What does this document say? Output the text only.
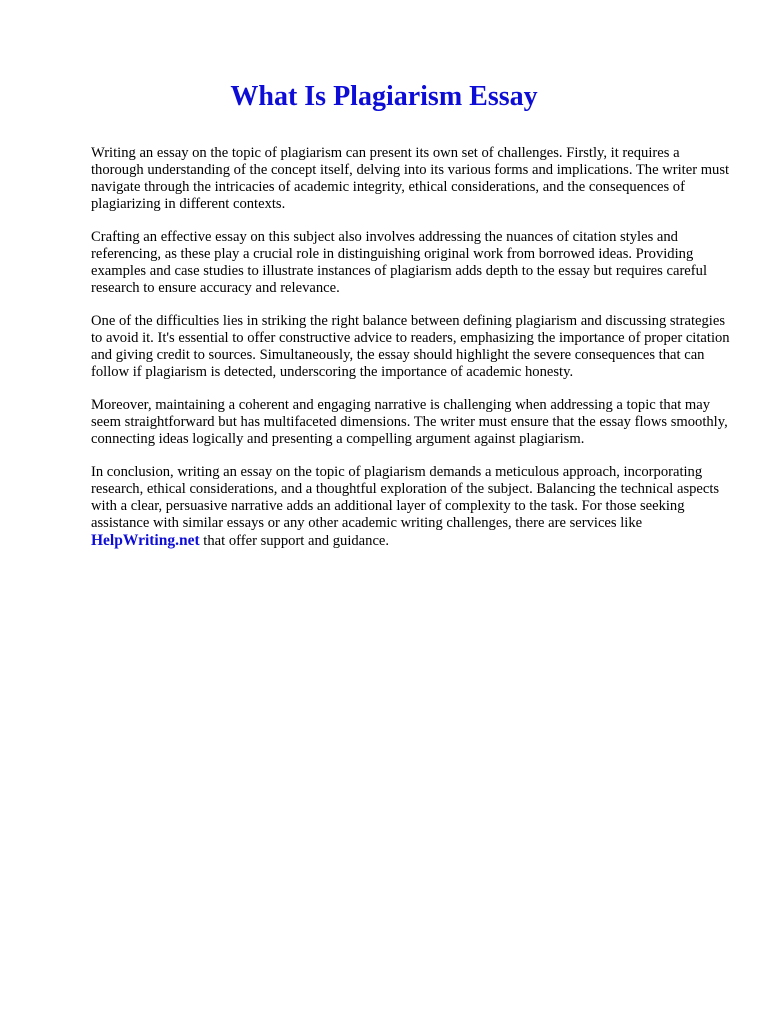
What Is Plagiarism Essay

Writing an essay on the topic of plagiarism can present its own set of challenges. Firstly, it requires a thorough understanding of the concept itself, delving into its various forms and implications. The writer must navigate through the intricacies of academic integrity, ethical considerations, and the consequences of plagiarizing in different contexts.

Crafting an effective essay on this subject also involves addressing the nuances of citation styles and referencing, as these play a crucial role in distinguishing original work from borrowed ideas. Providing examples and case studies to illustrate instances of plagiarism adds depth to the essay but requires careful research to ensure accuracy and relevance.

One of the difficulties lies in striking the right balance between defining plagiarism and discussing strategies to avoid it. It's essential to offer constructive advice to readers, emphasizing the importance of proper citation and giving credit to sources. Simultaneously, the essay should highlight the severe consequences that can follow if plagiarism is detected, underscoring the importance of academic honesty.

Moreover, maintaining a coherent and engaging narrative is challenging when addressing a topic that may seem straightforward but has multifaceted dimensions. The writer must ensure that the essay flows smoothly, connecting ideas logically and presenting a compelling argument against plagiarism.

In conclusion, writing an essay on the topic of plagiarism demands a meticulous approach, incorporating research, ethical considerations, and a thoughtful exploration of the subject. Balancing the technical aspects with a clear, persuasive narrative adds an additional layer of complexity to the task. For those seeking assistance with similar essays or any other academic writing challenges, there are services like HelpWriting.net that offer support and guidance.
